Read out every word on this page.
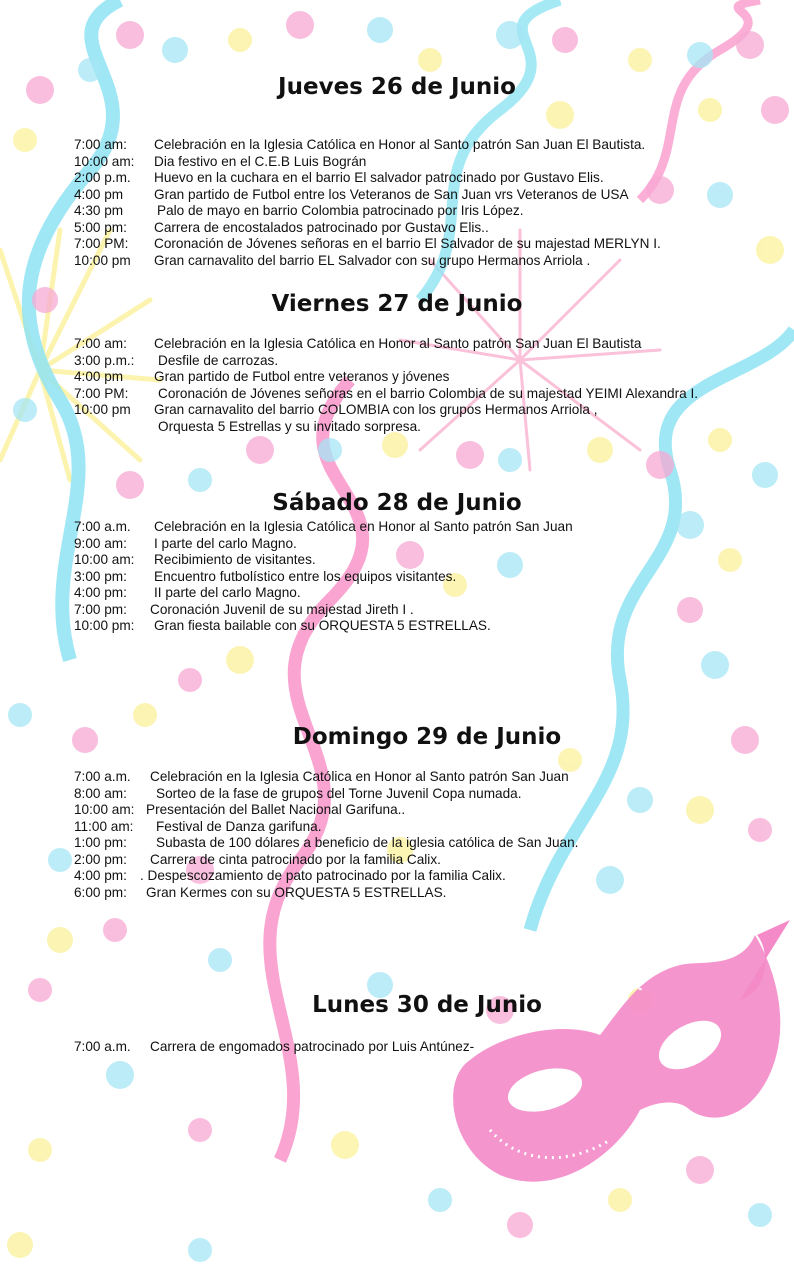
Jueves 26 de Junio
7:00 am: Celebración en la Iglesia Católica en Honor al Santo patrón San Juan El Bautista.
10:00 am: Dia festivo en el C.E.B Luis Bográn
2:00 p.m. Huevo en la cuchara en el barrio El salvador patrocinado por Gustavo Elis.
4:00 pm Gran partido de Futbol entre los Veteranos de San Juan vrs Veteranos de USA
4:30 pm Palo de mayo en barrio Colombia patrocinado por Iris López.
5:00 pm: Carrera de encostalados patrocinado por Gustavo Elis..
7:00 PM: Coronación de Jóvenes señoras en el barrio El Salvador de su majestad MERLYN I.
10:00 pm Gran carnavalito del barrio EL Salvador con su grupo Hermanos Arriola .
Viernes 27 de Junio
7:00 am: Celebración en la Iglesia Católica en Honor al Santo patrón San Juan El Bautista
3:00 p.m.: Desfile de carrozas.
4:00 pm Gran partido de Futbol entre veteranos y jóvenes
7:00 PM: Coronación de Jóvenes señoras en el barrio Colombia de su majestad YEIMI Alexandra I.
10:00 pm Gran carnavalito del barrio COLOMBIA con los grupos Hermanos Arriola ,
Orquesta 5 Estrellas y su invitado sorpresa.
Sábado 28 de Junio
7:00 a.m. Celebración en la Iglesia Católica en Honor al Santo patrón San Juan
9:00 am: I parte del carlo Magno.
10:00 am: Recibimiento de visitantes.
3:00 pm: Encuentro futbolístico entre los equipos visitantes.
4:00 pm: II parte del carlo Magno.
7:00 pm: Coronación Juvenil de su majestad Jireth I .
10:00 pm: Gran fiesta bailable con su ORQUESTA 5 ESTRELLAS.
Domingo 29 de Junio
7:00 a.m. Celebración en la Iglesia Católica en Honor al Santo patrón San Juan
8:00 am: Sorteo de la fase de grupos del Torne Juvenil Copa numada.
10:00 am: Presentación del Ballet Nacional Garifuna..
11:00 am: Festival de Danza garifuna.
1:00 pm: Subasta de 100 dólares a beneficio de la iglesia católica de San Juan.
2:00 pm: Carrera de cinta patrocinado por la familia Calix.
4:00 pm: . Despescozamiento de pato patrocinado por la familia Calix.
6:00 pm: Gran Kermes con su ORQUESTA 5 ESTRELLAS.
Lunes 30 de Junio
7:00 a.m. Carrera de engomados patrocinado por Luis Antúnez-
